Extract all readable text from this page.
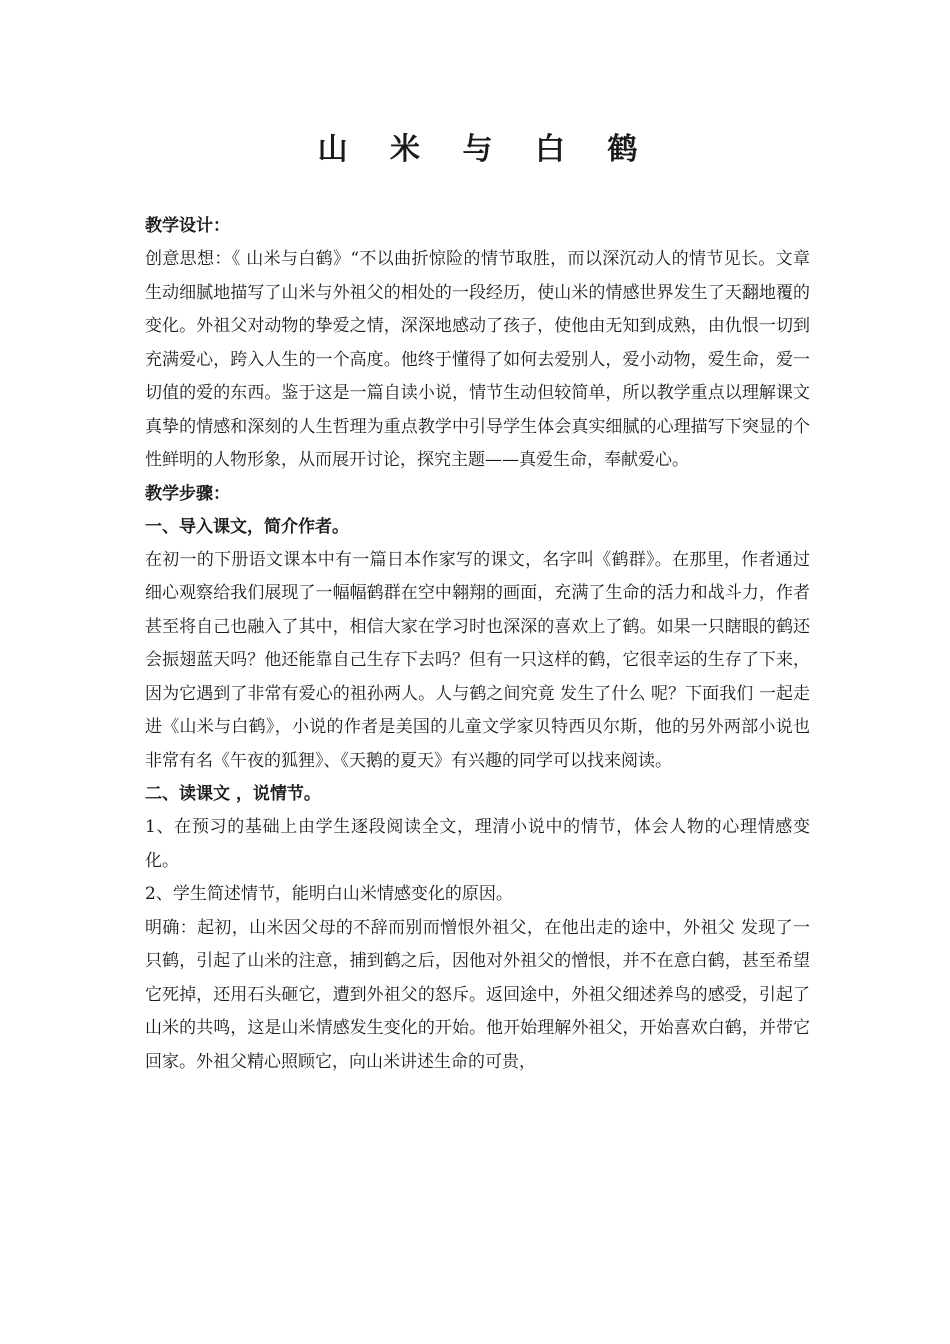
山 米 与 白 鹤

教学设计：

创意思想：《 山米与白鹤》“不以曲折惊险的情节取胜，而以深沉动人的情节见长。文章生动细腻地描写了山米与外祖父的相处的一段经历，使山米的情感世界发生了天翻地覆的变化。外祖父对动物的挚爱之情，深深地感动了孩子，使他由无知到成熟，由仇恨一切到充满爱心，跨入人生的一个高度。他终于懂得了如何去爱别人，爱小动物，爱生命，爱一切值的爱的东西。鉴于这是一篇自读小说，情节生动但较简单，所以教学重点以理解课文真挚的情感和深刻的人生哲理为重点教学中引导学生体会真实细腻的心理描写下突显的个性鲜明的人物形象，从而展开讨论，探究主题——真爱生命，奉献爱心。

教学步骤：

一、导入课文，简介作者。

在初一的下册语文课本中有一篇日本作家写的课文，名字叫《鹤群》。在那里，作者通过细心观察给我们展现了一幅幅鹤群在空中翱翔的画面，充满了生命的活力和战斗力，作者甚至将自己也融入了其中，相信大家在学习时也深深的喜欢上了鹤。如果一只瞎眼的鹤还会振翅蓝天吗？他还能靠自己生存下去吗？但有一只这样的鹤，它很幸运的生存了下来，因为它遇到了非常有爱心的祖孙两人。人与鹤之间究竟 发生了什么 呢？下面我们 一起走进《山米与白鹤》，小说的作者是美国的儿童文学家贝特西贝尔斯，他的另外两部小说也非常有名《午夜的狐狸》、《天鹅的夏天》有兴趣的同学可以找来阅读。

二、读课文 ，说情节。

1、在预习的基础上由学生逐段阅读全文，理清小说中的情节，体会人物的心理情感变化。

2、学生简述情节，能明白山米情感变化的原因。

明确：起初，山米因父母的不辞而别而憎恨外祖父，在他出走的途中，外祖父 发现了一只鹤，引起了山米的注意，捕到鹤之后，因他对外祖父的憎恨，并不在意白鹤，甚至希望它死掉，还用石头砸它，遭到外祖父的怒斥。返回途中，外祖父细述养鸟的感受，引起了山米的共鸣，这是山米情感发生变化的开始。他开始理解外祖父，开始喜欢白鹤，并带它回家。外祖父精心照顾它，向山米讲述生命的可贵，
